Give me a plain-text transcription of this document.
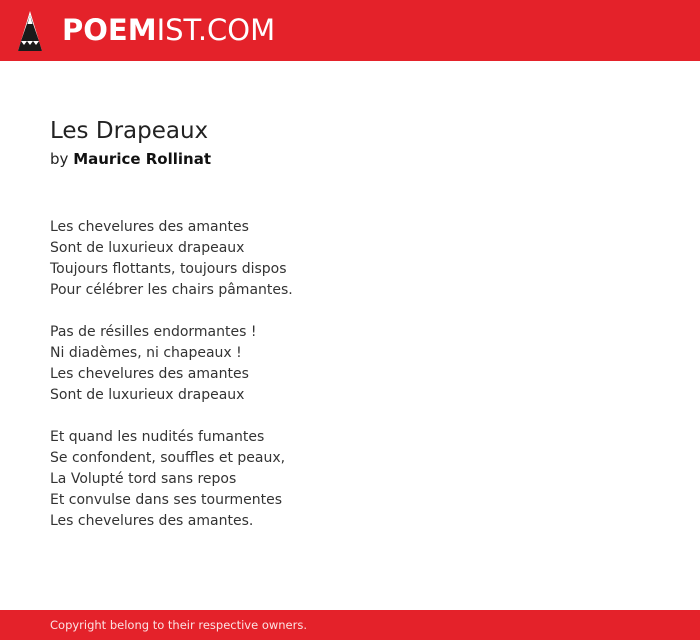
POEMIST.COM
Les Drapeaux
by Maurice Rollinat
Les chevelures des amantes
Sont de luxurieux drapeaux
Toujours flottants, toujours dispos
Pour célébrer les chairs pâmantes.
Pas de résilles endormantes !
Ni diadèmes, ni chapeaux !
Les chevelures des amantes
Sont de luxurieux drapeaux
Et quand les nudités fumantes
Se confondent, souffles et peaux,
La Volupté tord sans repos
Et convulse dans ses tourmentes
Les chevelures des amantes.
Copyright belong to their respective owners.
